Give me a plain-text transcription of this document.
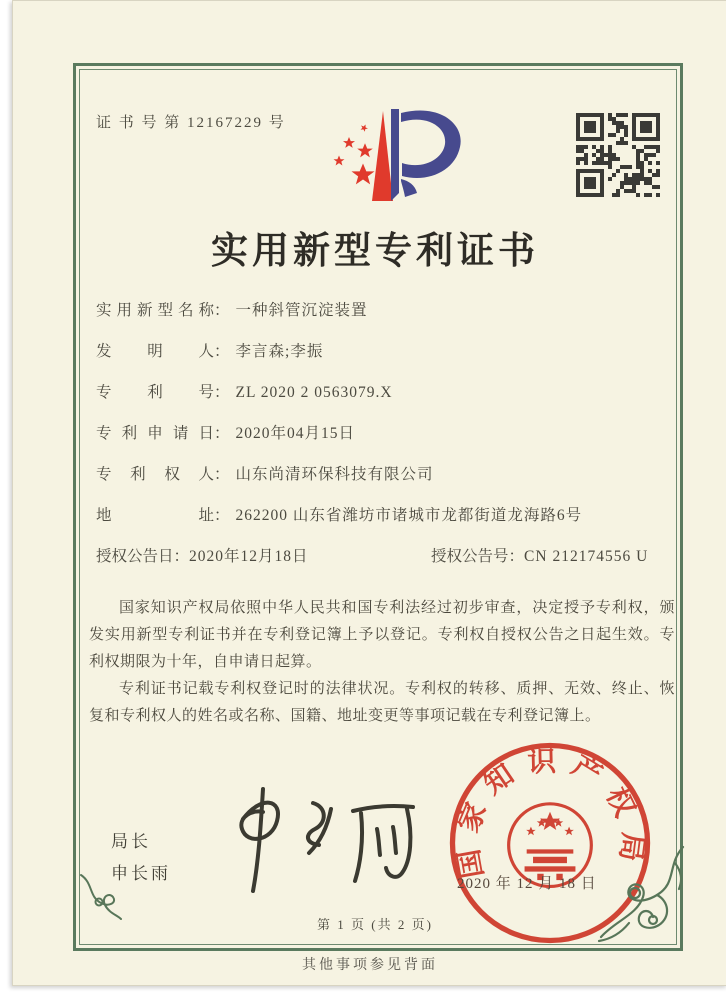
证 书 号 第 12167229 号
实用新型专利证书
实用新型名称： 一种斜管沉淀装置
发明人： 李言森;李振
专利号： ZL 2020 2 0563079.X
专利申请日： 2020年04月15日
专利权人： 山东尚清环保科技有限公司
地址： 262200 山东省潍坊市诸城市龙都街道龙海路6号
授权公告日：2020年12月18日	授权公告号：CN 212174556 U

国家知识产权局依照中华人民共和国专利法经过初步审查，决定授予专利权，颁发实用新型专利证书并在专利登记簿上予以登记。专利权自授权公告之日起生效。专利权期限为十年，自申请日起算。

专利证书记载专利权登记时的法律状况。专利权的转移、质押、无效、终止、恢复和专利权人的姓名或名称、国籍、地址变更等事项记载在专利登记簿上。

局长
申长雨	国家知识产权局
2020 年 12 月 18 日
第 1 页 (共 2 页)
其他事项参见背面
